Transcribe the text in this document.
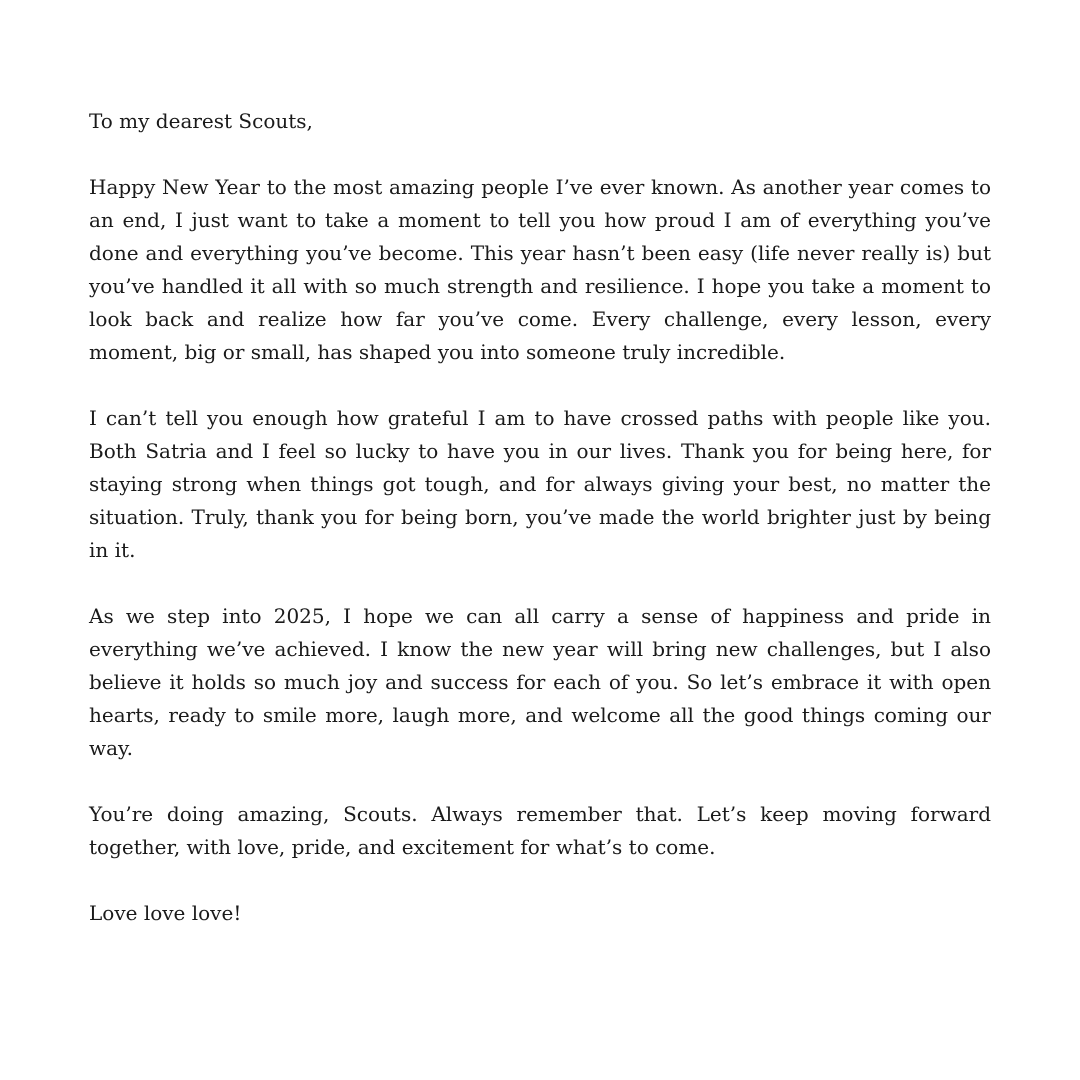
To my dearest Scouts,

Happy New Year to the most amazing people I’ve ever known. As another year comes to an end, I just want to take a moment to tell you how proud I am of everything you’ve done and everything you’ve become. This year hasn’t been easy (life never really is) but you’ve handled it all with so much strength and resilience. I hope you take a moment to look back and realize how far you’ve come. Every challenge, every lesson, every moment, big or small, has shaped you into someone truly incredible.

I can’t tell you enough how grateful I am to have crossed paths with people like you. Both Satria and I feel so lucky to have you in our lives. Thank you for being here, for staying strong when things got tough, and for always giving your best, no matter the situation. Truly, thank you for being born, you’ve made the world brighter just by being in it.

As we step into 2025, I hope we can all carry a sense of happiness and pride in everything we’ve achieved. I know the new year will bring new challenges, but I also believe it holds so much joy and success for each of you. So let’s embrace it with open hearts, ready to smile more, laugh more, and welcome all the good things coming our way.

You’re doing amazing, Scouts. Always remember that. Let’s keep moving forward together, with love, pride, and excitement for what’s to come.

Love love love!
